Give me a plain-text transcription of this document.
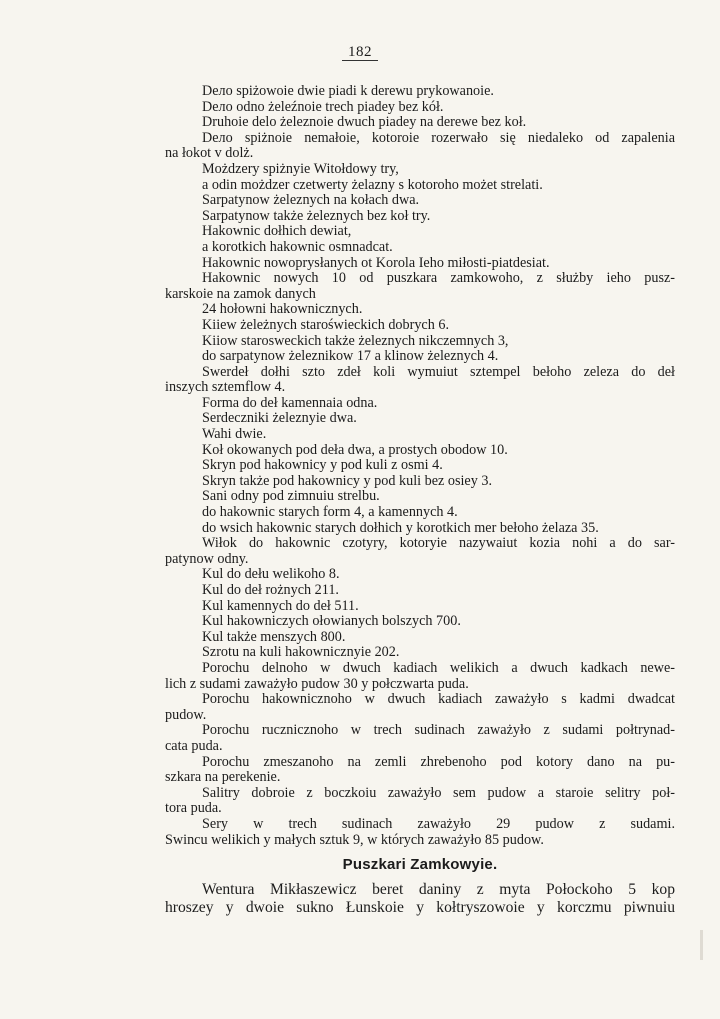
182
Dело spiżowoie dwie piadi k derewu prykowanoie.
Dело odno żeleźnoie trech piadey bez kół.
Druhoie delo żeleznoie dwuch piadey na derewe bez koł.
Dело spiżnoie nemałoie, kotoroie rozerwało się niedaleko od zapalenia
na łokot v dolż.
Możdzery spiżnyie Witołdowy try,
a odin możdzer czetwerty żelazny s kotoroho możet strelati.
Sarpatynow żeleznych na kołach dwa.
Sarpatynow także żeleznych bez koł try.
Hakownic dołhich dewiat,
a korotkich hakownic osmnadcat.
Hakownic nowoprysłanych ot Korola Ieho miłosti-piatdesiat.
Hakownic nowych 10 od puszkara zamkowoho, z służby ieho pusz-
karskoie na zamok danych
24 hołowni hakownicznych.
Kiiew żeleżnych staroświeckich dobrych 6.
Kiiow starosweckich także żeleznych nikczemnych 3,
do sarpatynow żeleznikow 17 a klinow żeleznych 4.
Swerdeł dołhi szto zdeł koli wymuiut sztempel bełoho zeleza do deł
inszych sztemflow 4.
Forma do deł kamennaia odna.
Serdeczniki żeleznyie dwa.
Wahi dwie.
Koł okowanych pod deła dwa, a prostych obodow 10.
Skryn pod hakownicy y pod kuli z osmi 4.
Skryn także pod hakownicy y pod kuli bez osiey 3.
Sani odny pod zimnuiu strelbu.
do hakownic starych form 4, a kamennych 4.
do wsich hakownic starych dołhich y korotkich mer bełoho żelaza 35.
Wiłok do hakownic czotyry, kotoryie nazywaiut kozia nohi a do sar-
patynow odny.
Kul do dełu welikoho 8.
Kul do deł rożnych 211.
Kul kamennych do deł 511.
Kul hakowniczych ołowianych bolszych 700.
Kul także menszych 800.
Szrotu na kuli hakownicznyie 202.
Porochu delnoho w dwuch kadiach welikich a dwuch kadkach newe-
lich z sudami zaważyło pudow 30 y połczwarta puda.
Porochu hakownicznoho w dwuch kadiach zaważyło s kadmi dwadcat
pudow.
Porochu rucznicznoho w trech sudinach zaważyło z sudami połtrynad-
cata puda.
Porochu zmeszanoho na zemli zhrebenoho pod kotory dano na pu-
szkara na perekenie.
Salitry dobroie z boczkoiu zaważyło sem pudow a staroie selitry poł-
tora puda.
Sery w trech sudinach zaważyło 29 pudow z sudami.
Swincu welikich y małych sztuk 9, w których zaważyło 85 pudow.
Puszkari Zamkowyie.
Wentura Mikłaszewicz beret daniny z myta Połockoho 5 kop
hroszey y dwoie sukno Łunskoie y kołtryszowoie y korczmu piwnuiu
